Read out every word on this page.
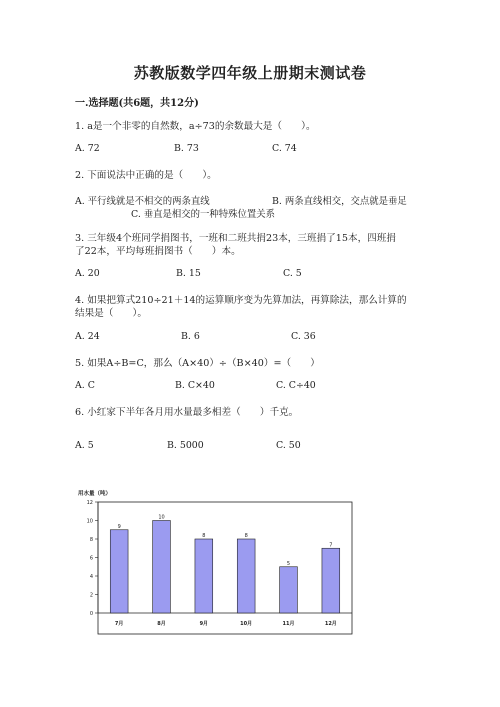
苏教版数学四年级上册期末测试卷
一.选择题(共6题，共12分)
1. a是一个非零的自然数，a÷73的余数最大是（　　）。
A. 72	B. 73	C. 74
2. 下面说法中正确的是（　　）。
A. 平行线就是不相交的两条直线	B. 两条直线相交，交点就是垂足
C. 垂直是相交的一种特殊位置关系
3. 三年级4个班同学捐图书，一班和二班共捐23本，三班捐了15本，四班捐
了22本，平均每班捐图书（　　）本。
A. 20	B. 15	C. 5
4. 如果把算式210÷21＋14的运算顺序变为先算加法，再算除法，那么计算的
结果是（　　）。
A. 24	B. 6	C. 36
5. 如果A÷B=C，那么（A×40）÷（B×40）=（　　）
A. C	B. C×40	C. C÷40
6. 小红家下半年各月用水量最多相差（　　）千克。
A. 5	B. 5000	C. 50
用水量（吨）
0
2
4
6
8
10
12
9
7月
10
8月
8
9月
8
10月
5
11月
7
12月
